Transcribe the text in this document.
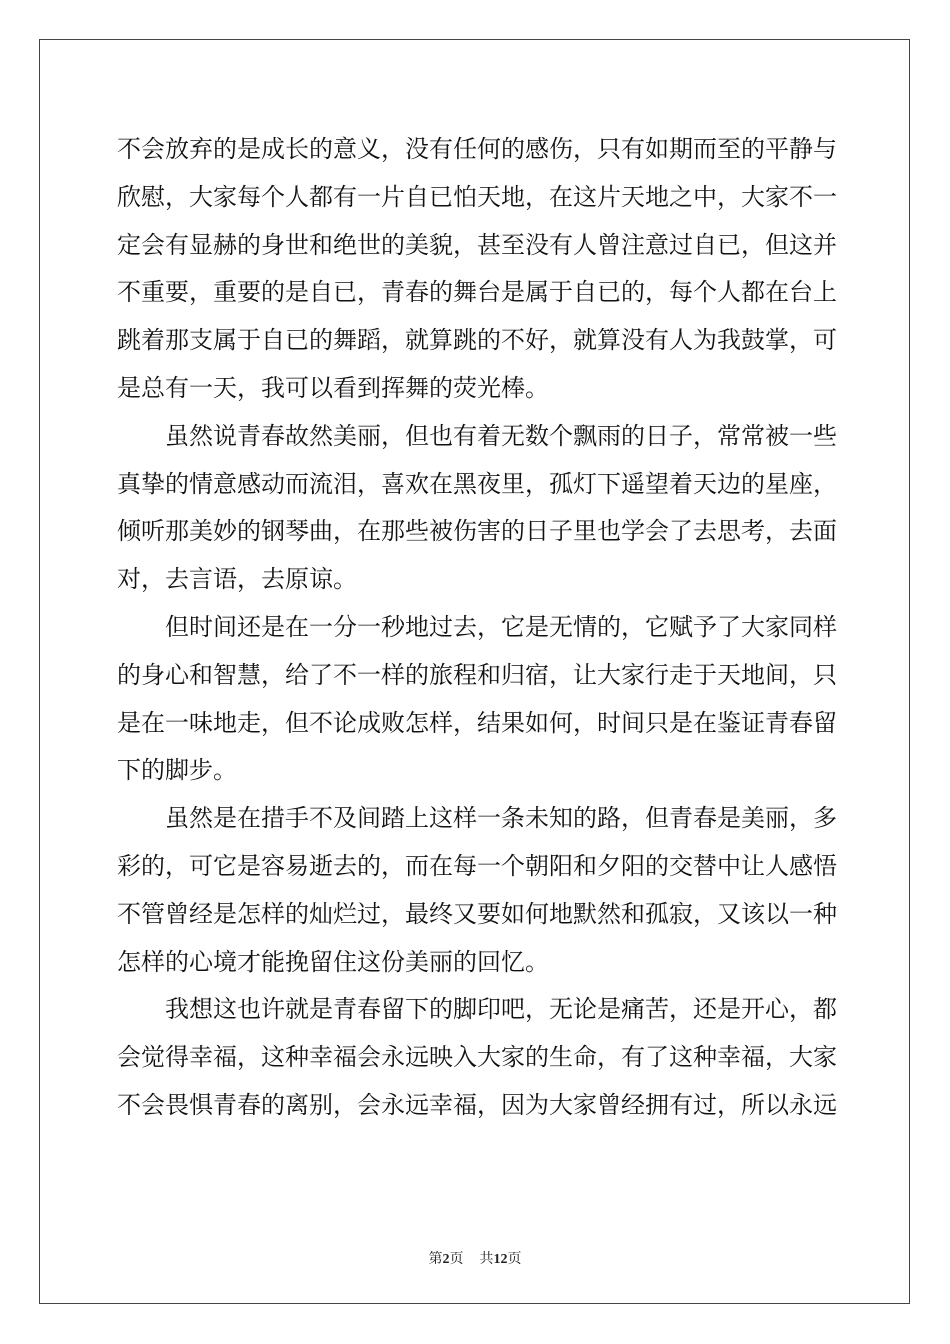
不会放弃的是成长的意义，没有任何的感伤，只有如期而至的平静与
欣慰，大家每个人都有一片自已怕天地，在这片天地之中，大家不一
定会有显赫的身世和绝世的美貌，甚至没有人曾注意过自已，但这并
不重要，重要的是自已，青春的舞台是属于自已的，每个人都在台上
跳着那支属于自已的舞蹈，就算跳的不好，就算没有人为我鼓掌，可
是总有一天，我可以看到挥舞的荧光棒。

虽然说青春故然美丽，但也有着无数个飘雨的日子，常常被一些
真挚的情意感动而流泪，喜欢在黑夜里，孤灯下遥望着天边的星座，
倾听那美妙的钢琴曲，在那些被伤害的日子里也学会了去思考，去面
对，去言语，去原谅。

但时间还是在一分一秒地过去，它是无情的，它赋予了大家同样
的身心和智慧，给了不一样的旅程和归宿，让大家行走于天地间，只
是在一味地走，但不论成败怎样，结果如何，时间只是在鉴证青春留
下的脚步。

虽然是在措手不及间踏上这样一条未知的路，但青春是美丽，多
彩的，可它是容易逝去的，而在每一个朝阳和夕阳的交替中让人感悟
不管曾经是怎样的灿烂过，最终又要如何地默然和孤寂，又该以一种
怎样的心境才能挽留住这份美丽的回忆。

我想这也许就是青春留下的脚印吧，无论是痛苦，还是开心，都
会觉得幸福，这种幸福会永远映入大家的生命，有了这种幸福，大家
不会畏惧青春的离别，会永远幸福，因为大家曾经拥有过，所以永远

第2页 共12页
